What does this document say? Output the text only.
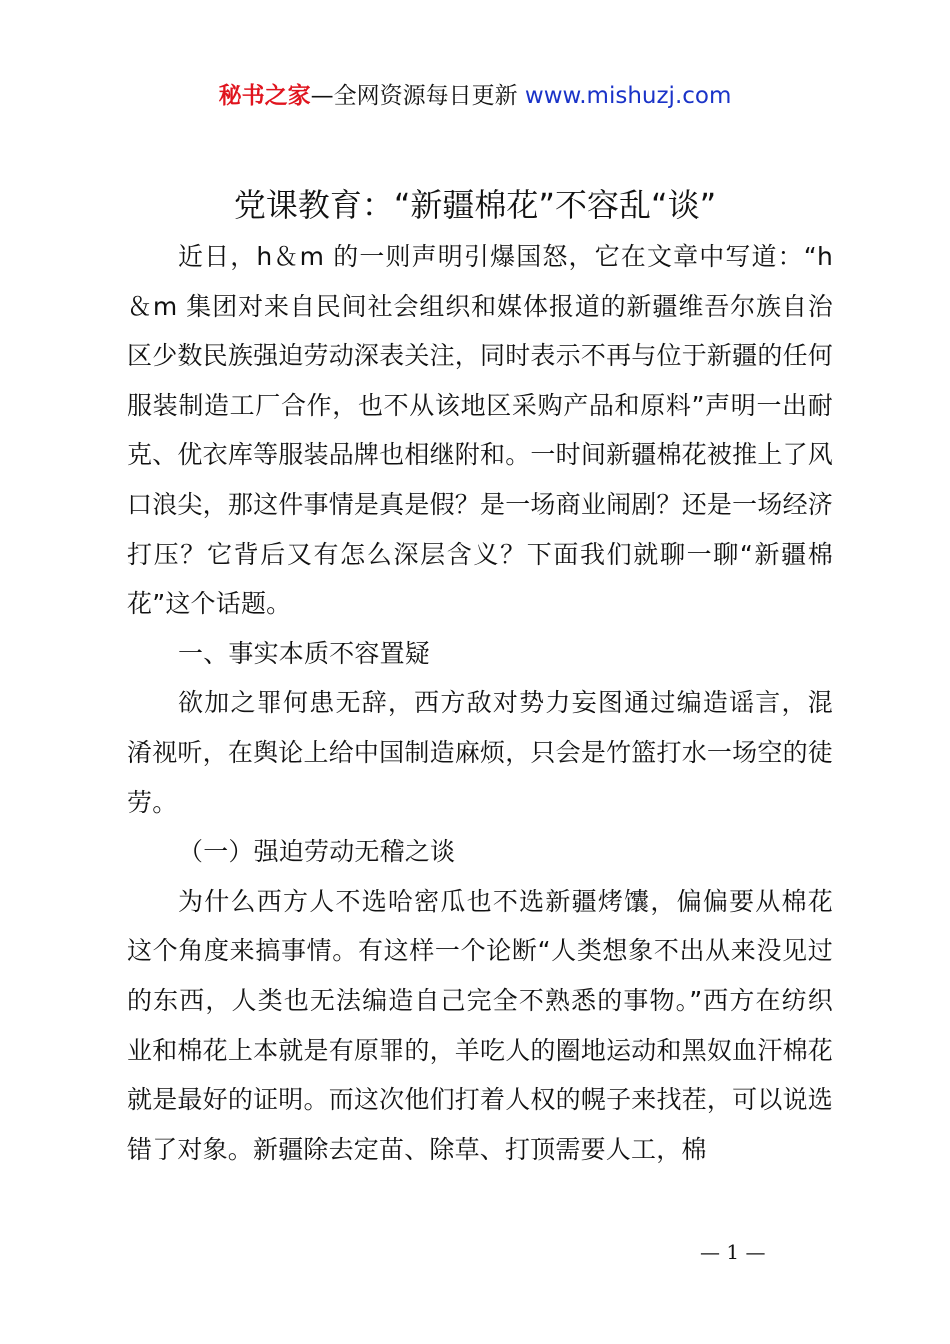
秘书之家—全网资源每日更新 www.mishuzj.com
党课教育：“新疆棉花”不容乱“谈”

近日，h＆m 的一则声明引爆国怒，它在文章中写道：“h＆m 集团对来自民间社会组织和媒体报道的新疆维吾尔族自治区少数民族强迫劳动深表关注，同时表示不再与位于新疆的任何服装制造工厂合作，也不从该地区采购产品和原料”声明一出耐克、优衣库等服装品牌也相继附和。一时间新疆棉花被推上了风口浪尖，那这件事情是真是假？是一场商业闹剧？还是一场经济打压？它背后又有怎么深层含义？下面我们就聊一聊“新疆棉花”这个话题。

一、事实本质不容置疑

欲加之罪何患无辞，西方敌对势力妄图通过编造谣言，混淆视听，在舆论上给中国制造麻烦，只会是竹篮打水一场空的徒劳。

（一）强迫劳动无稽之谈

为什么西方人不选哈密瓜也不选新疆烤馕，偏偏要从棉花这个角度来搞事情。有这样一个论断“人类想象不出从来没见过的东西，人类也无法编造自己完全不熟悉的事物。”西方在纺织业和棉花上本就是有原罪的，羊吃人的圈地运动和黑奴血汗棉花就是最好的证明。而这次他们打着人权的幌子来找茬，可以说选错了对象。新疆除去定苗、除草、打顶需要人工，棉

— 1 —
